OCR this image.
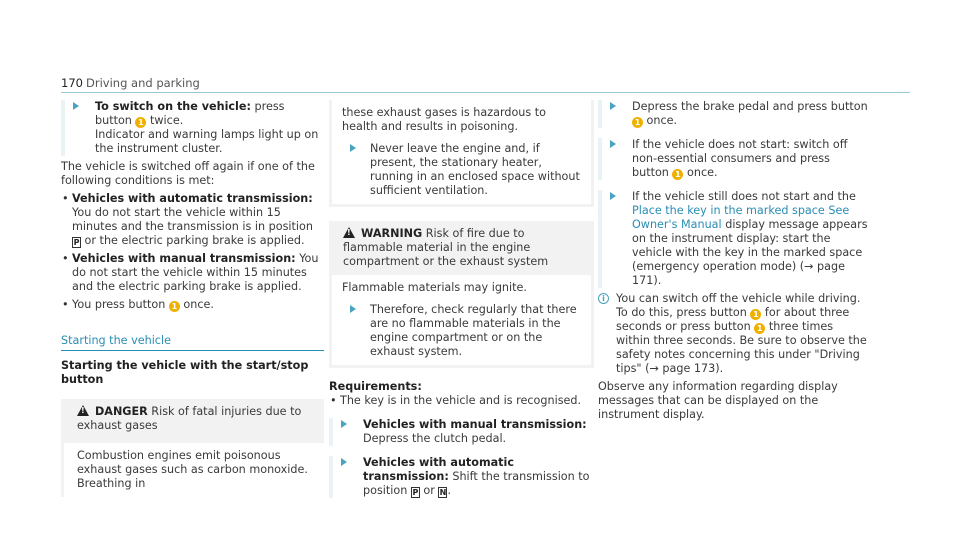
170 Driving and parking

To switch on the vehicle: press button 1 twice.

Indicator and warning lamps light up on the instrument cluster.

The vehicle is switched off again if one of the following conditions is met:

• Vehicles with automatic transmission: You do not start the vehicle within 15 minutes and the transmission is in position P or the electric parking brake is applied.
• Vehicles with manual transmission: You do not start the vehicle within 15 minutes and the electric parking brake is applied.
• You press button 1 once.

Starting the vehicle

Starting the vehicle with the start/stop button

!DANGER Risk of fatal injuries due to exhaust gases

Combustion engines emit poisonous exhaust gases such as carbon monoxide. Breathing in

these exhaust gases is hazardous to health and results in poisoning.

Never leave the engine and, if present, the stationary heater, running in an enclosed space without sufficient ventilation.

!WARNING Risk of fire due to flammable material in the engine compartment or the exhaust system

Flammable materials may ignite.

Therefore, check regularly that there are no flammable materials in the engine compartment or on the exhaust system.

Requirements:

• The key is in the vehicle and is recognised.

Vehicles with manual transmission: Depress the clutch pedal.

Vehicles with automatic transmission: Shift the transmission to position P or N.

Depress the brake pedal and press button 1 once.

If the vehicle does not start: switch off non-essential consumers and press button 1 once.

If the vehicle still does not start and the Place the key in the marked space See Owner's Manual display message appears on the instrument display: start the vehicle with the key in the marked space (emergency operation mode) (→ page 171).

i You can switch off the vehicle while driving. To do this, press button 1 for about three seconds or press button 1 three times within three seconds. Be sure to observe the safety notes concerning this under "Driving tips" (→ page 173).

Observe any information regarding display messages that can be displayed on the instrument display.
